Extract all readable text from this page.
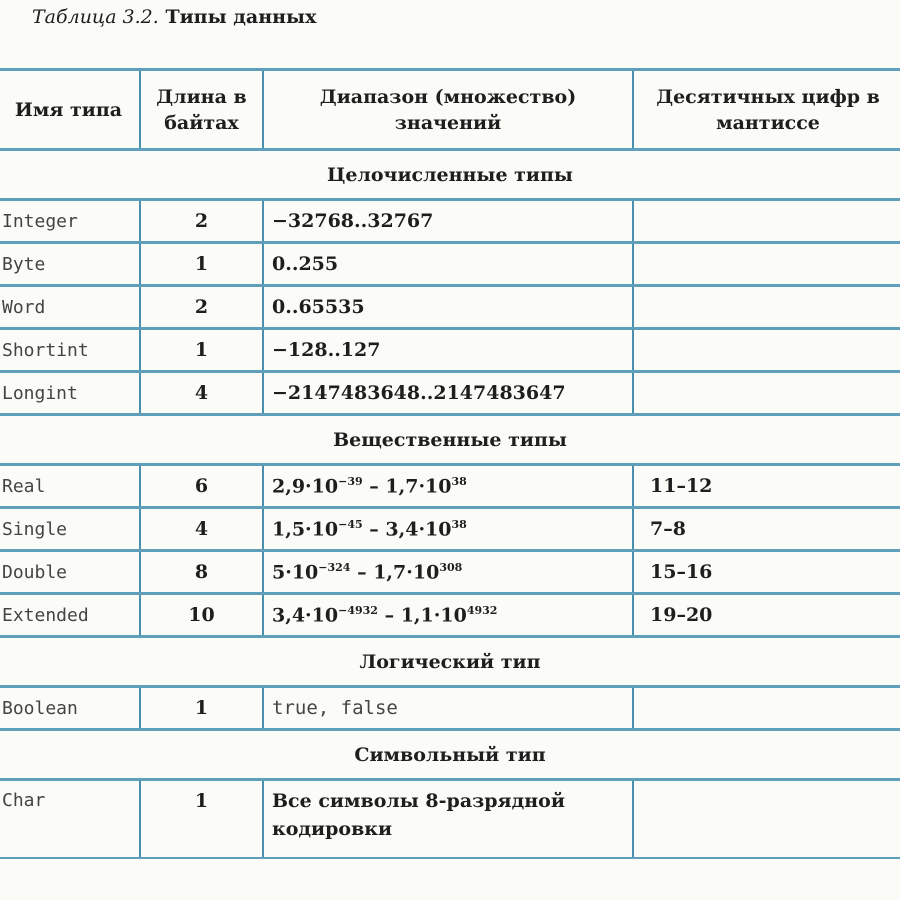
Таблица 3.2. Типы данных
Имя типа	Длина в байтах	Диапазон (множество) значений	Десятичных цифр в мантиссе
Целочисленные типы			
Integer	2	−32768..32767	
Byte	1	0..255	
Word	2	0..65535	
Shortint	1	−128..127	
Longint	4	−2147483648..2147483647	
Вещественные типы			
Real	6	$2,9\cdot 10^{-39} - 1,7\cdot 10^{38}$	11–12
Single	4	$1,5\cdot 10^{-45} - 3,4\cdot 10^{38}$	7–8
Double	8	$5\cdot 10^{-324} - 1,7\cdot 10^{308}$	15–16
Extended	10	$3,4\cdot 10^{-4932} - 1,1\cdot 10^{4932}$	19–20
Логический тип			
Boolean	1	true, false	
Символьный тип			
Char	1	Все символы 8-разрядной кодировки	
